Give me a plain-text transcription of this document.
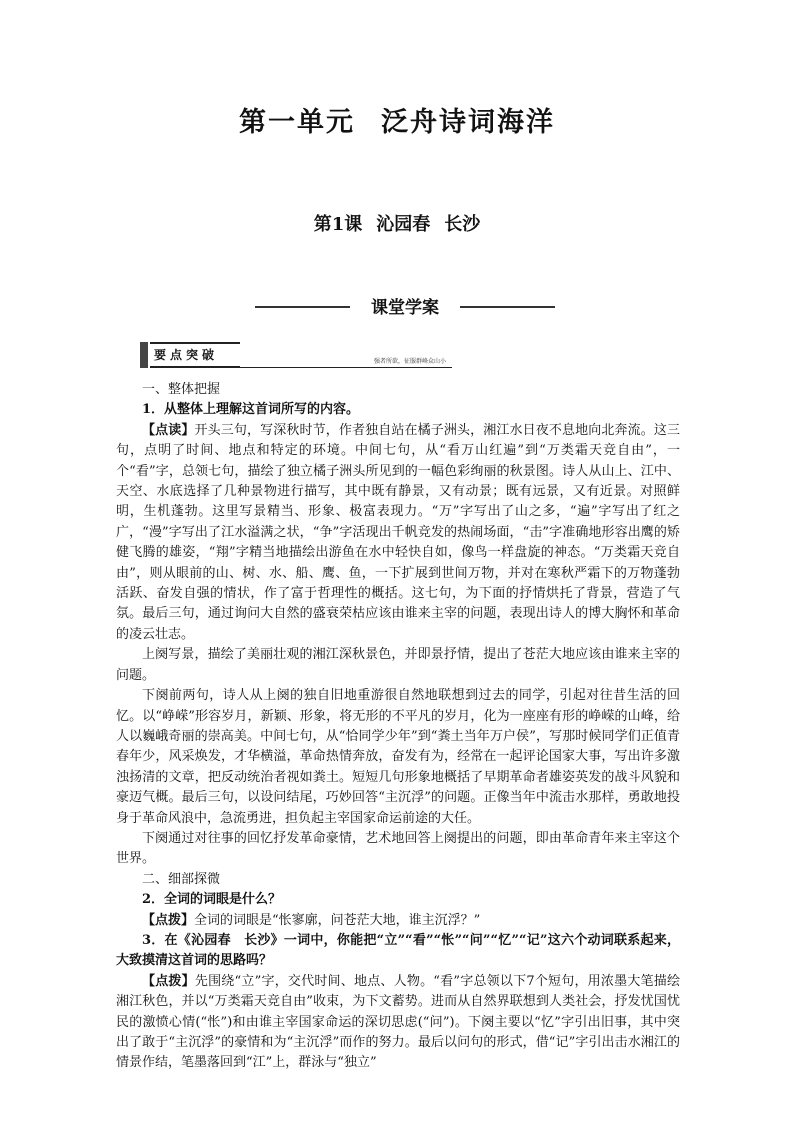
第一单元 泛舟诗词海洋
第1课 沁园春 长沙
课堂学案
要点突破	强者所欲，征服群峰众山小

一、整体把握

1．从整体上理解这首词所写的内容。

【点读】开头三句，写深秋时节，作者独自站在橘子洲头，湘江水日夜不息地向北奔流。这三句，点明了时间、地点和特定的环境。中间七句，从“看万山红遍”到“万类霜天竞自由”，一个“看”字，总领七句，描绘了独立橘子洲头所见到的一幅色彩绚丽的秋景图。诗人从山上、江中、天空、水底选择了几种景物进行描写，其中既有静景，又有动景；既有远景，又有近景。对照鲜明，生机蓬勃。这里写景精当、形象、极富表现力。“万”字写出了山之多，“遍”字写出了红之广，“漫”字写出了江水溢满之状，“争”字活现出千帆竞发的热闹场面，“击”字准确地形容出鹰的矫健飞腾的雄姿，“翔”字精当地描绘出游鱼在水中轻快自如，像鸟一样盘旋的神态。“万类霜天竞自由”，则从眼前的山、树、水、船、鹰、鱼，一下扩展到世间万物，并对在寒秋严霜下的万物蓬勃活跃、奋发自强的情状，作了富于哲理性的概括。这七句，为下面的抒情烘托了背景，营造了气氛。最后三句，通过询问大自然的盛衰荣枯应该由谁来主宰的问题，表现出诗人的博大胸怀和革命的凌云壮志。

上阕写景，描绘了美丽壮观的湘江深秋景色，并即景抒情，提出了苍茫大地应该由谁来主宰的问题。

下阕前两句，诗人从上阕的独自旧地重游很自然地联想到过去的同学，引起对往昔生活的回忆。以“峥嵘”形容岁月，新颖、形象，将无形的不平凡的岁月，化为一座座有形的峥嵘的山峰，给人以巍峨奇丽的崇高美。中间七句，从“恰同学少年”到“粪土当年万户侯”，写那时候同学们正值青春年少，风采焕发，才华横溢，革命热情奔放，奋发有为，经常在一起评论国家大事，写出许多激浊扬清的文章，把反动统治者视如粪土。短短几句形象地概括了早期革命者雄姿英发的战斗风貌和豪迈气概。最后三句，以设问结尾，巧妙回答“主沉浮”的问题。正像当年中流击水那样，勇敢地投身于革命风浪中，急流勇进，担负起主宰国家命运前途的大任。

下阕通过对往事的回忆抒发革命豪情，艺术地回答上阕提出的问题，即由革命青年来主宰这个世界。

二、细部探微

2．全词的词眼是什么？

【点拨】全词的词眼是“怅寥廓，问苍茫大地，谁主沉浮？”

3．在《沁园春　长沙》一词中，你能把“立”“看”“怅”“问”“忆”“记”这六个动词联系起来，大致摸清这首词的思路吗？

【点拨】先围绕“立”字，交代时间、地点、人物。“看”字总领以下7个短句，用浓墨大笔描绘湘江秋色，并以“万类霜天竞自由”收束，为下文蓄势。进而从自然界联想到人类社会，抒发忧国忧民的激愤心情(“怅”)和由谁主宰国家命运的深切思虑(“问”)。下阕主要以“忆”字引出旧事，其中突出了敢于“主沉浮”的豪情和为“主沉浮”而作的努力。最后以问句的形式，借“记”字引出击水湘江的情景作结，笔墨落回到“江”上，群泳与“独立”
